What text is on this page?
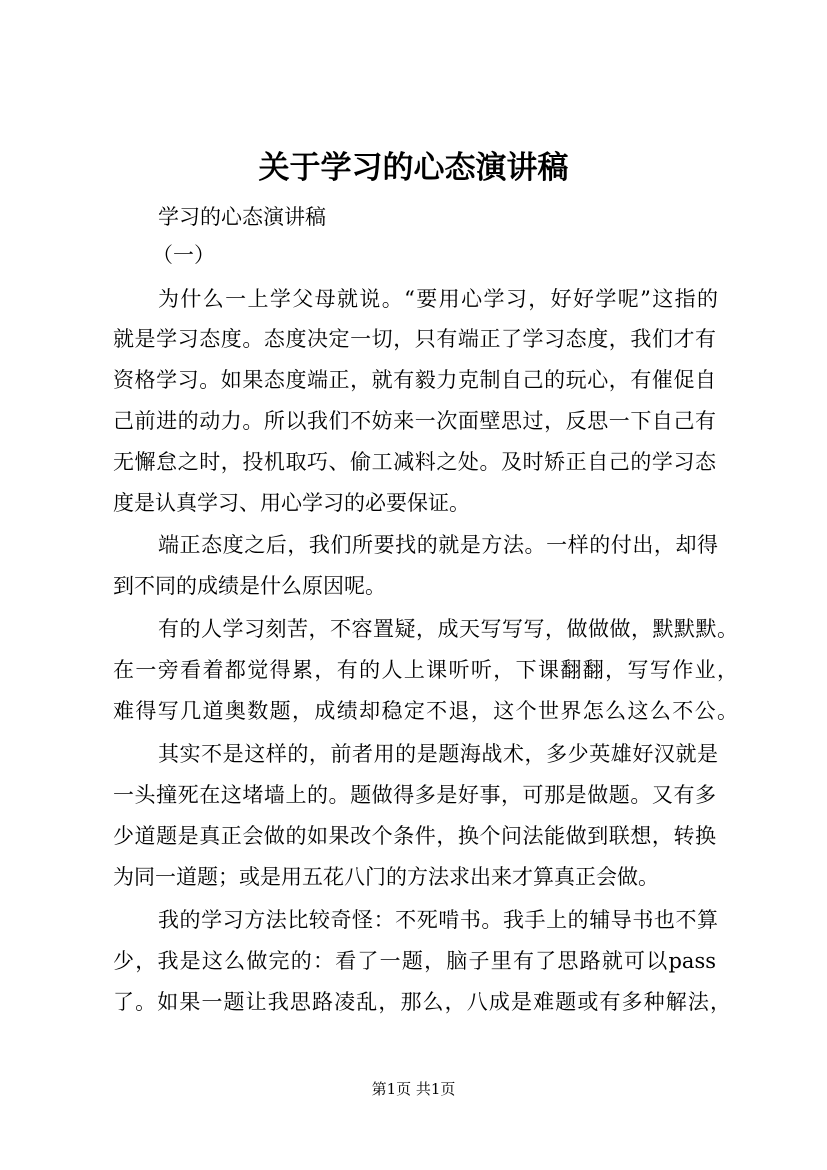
关于学习的心态演讲稿
学习的心态演讲稿
（一）
为什么一上学父母就说。“要用心学习，好好学呢”这指的
就是学习态度。态度决定一切，只有端正了学习态度，我们才有
资格学习。如果态度端正，就有毅力克制自己的玩心，有催促自
己前进的动力。所以我们不妨来一次面壁思过，反思一下自己有
无懈怠之时，投机取巧、偷工减料之处。及时矫正自己的学习态
度是认真学习、用心学习的必要保证。
端正态度之后，我们所要找的就是方法。一样的付出，却得
到不同的成绩是什么原因呢。
有的人学习刻苦，不容置疑，成天写写写，做做做，默默默。
在一旁看着都觉得累，有的人上课听听，下课翻翻，写写作业，
难得写几道奥数题，成绩却稳定不退，这个世界怎么这么不公。
其实不是这样的，前者用的是题海战术，多少英雄好汉就是
一头撞死在这堵墙上的。题做得多是好事，可那是做题。又有多
少道题是真正会做的如果改个条件，换个问法能做到联想，转换
为同一道题；或是用五花八门的方法求出来才算真正会做。
我的学习方法比较奇怪：不死啃书。我手上的辅导书也不算
少，我是这么做完的：看了一题，脑子里有了思路就可以pass
了。如果一题让我思路凌乱，那么，八成是难题或有多种解法，
第1页 共1页
